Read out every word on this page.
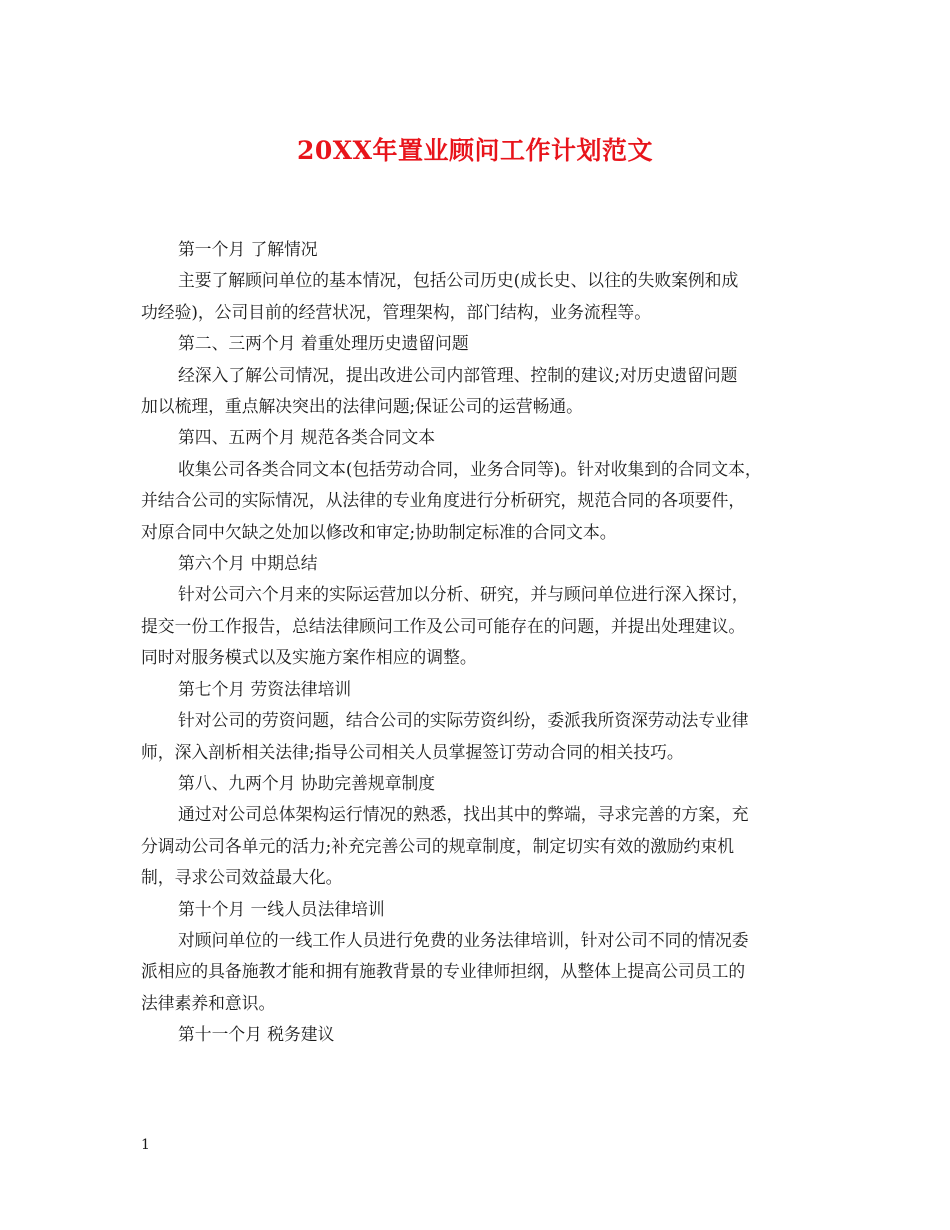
20XX年置业顾问工作计划范文

第一个月 了解情况

主要了解顾问单位的基本情况，包括公司历史(成长史、以往的失败案例和成
功经验)，公司目前的经营状况，管理架构，部门结构，业务流程等。

第二、三两个月 着重处理历史遗留问题

经深入了解公司情况，提出改进公司内部管理、控制的建议;对历史遗留问题
加以梳理，重点解决突出的法律问题;保证公司的运营畅通。

第四、五两个月 规范各类合同文本

收集公司各类合同文本(包括劳动合同，业务合同等)。针对收集到的合同文本，
并结合公司的实际情况，从法律的专业角度进行分析研究，规范合同的各项要件，
对原合同中欠缺之处加以修改和审定;协助制定标准的合同文本。

第六个月 中期总结

针对公司六个月来的实际运营加以分析、研究，并与顾问单位进行深入探讨，
提交一份工作报告，总结法律顾问工作及公司可能存在的问题，并提出处理建议。
同时对服务模式以及实施方案作相应的调整。

第七个月 劳资法律培训

针对公司的劳资问题，结合公司的实际劳资纠纷，委派我所资深劳动法专业律
师，深入剖析相关法律;指导公司相关人员掌握签订劳动合同的相关技巧。

第八、九两个月 协助完善规章制度

通过对公司总体架构运行情况的熟悉，找出其中的弊端，寻求完善的方案，充
分调动公司各单元的活力;补充完善公司的规章制度，制定切实有效的激励约束机
制，寻求公司效益最大化。

第十个月 一线人员法律培训

对顾问单位的一线工作人员进行免费的业务法律培训，针对公司不同的情况委
派相应的具备施教才能和拥有施教背景的专业律师担纲，从整体上提高公司员工的
法律素养和意识。

第十一个月 税务建议

1
